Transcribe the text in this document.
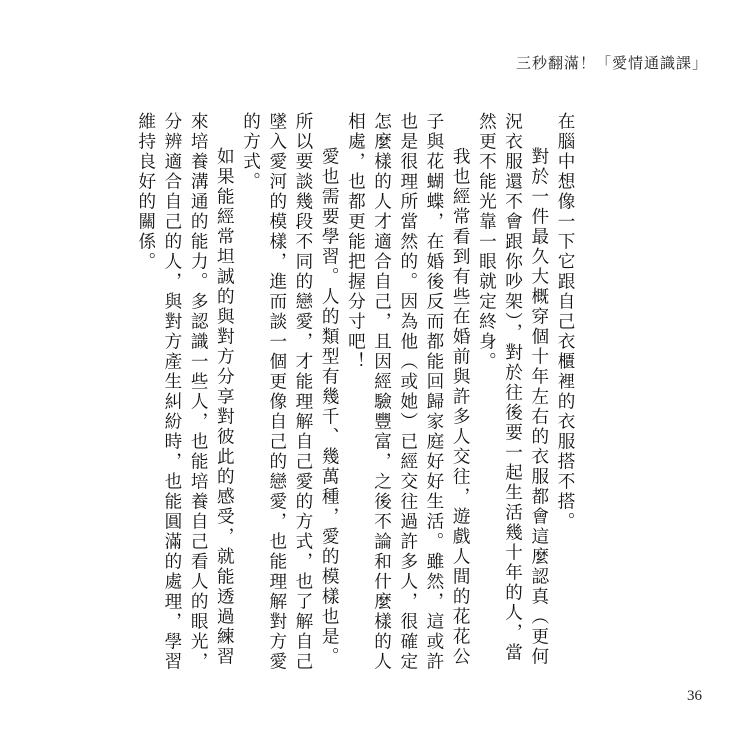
三秒翻滿！「愛情通識課」

在腦中想像一下它跟自己衣櫃裡的衣服搭不搭。

對於一件最久大概穿個十年左右的衣服都會這麼認真（更何況衣服還不會跟你吵架），對於往後要一起生活幾十年的人，當然更不能光靠一眼就定終身。

我也經常看到有些在婚前與許多人交往，遊戲人間的花花公子與花蝴蝶，在婚後反而都能回歸家庭好好生活。雖然，這或許也是很理所當然的。因為他（或她）已經交往過許多人，很確定怎麼樣的人才適合自己，且因經驗豐富，之後不論和什麼樣的人相處，也都更能把握分寸吧！

愛也需要學習。人的類型有幾千、幾萬種，愛的模樣也是。所以要談幾段不同的戀愛，才能理解自己愛的方式，也了解自己墜入愛河的模樣，進而談一個更像自己的戀愛，也能理解對方愛的方式。

如果能經常坦誠的與對方分享對彼此的感受，就能透過練習來培養溝通的能力。多認識一些人，也能培養自己看人的眼光，分辨適合自己的人，與對方產生糾紛時，也能圓滿的處理，學習維持良好的關係。

36
